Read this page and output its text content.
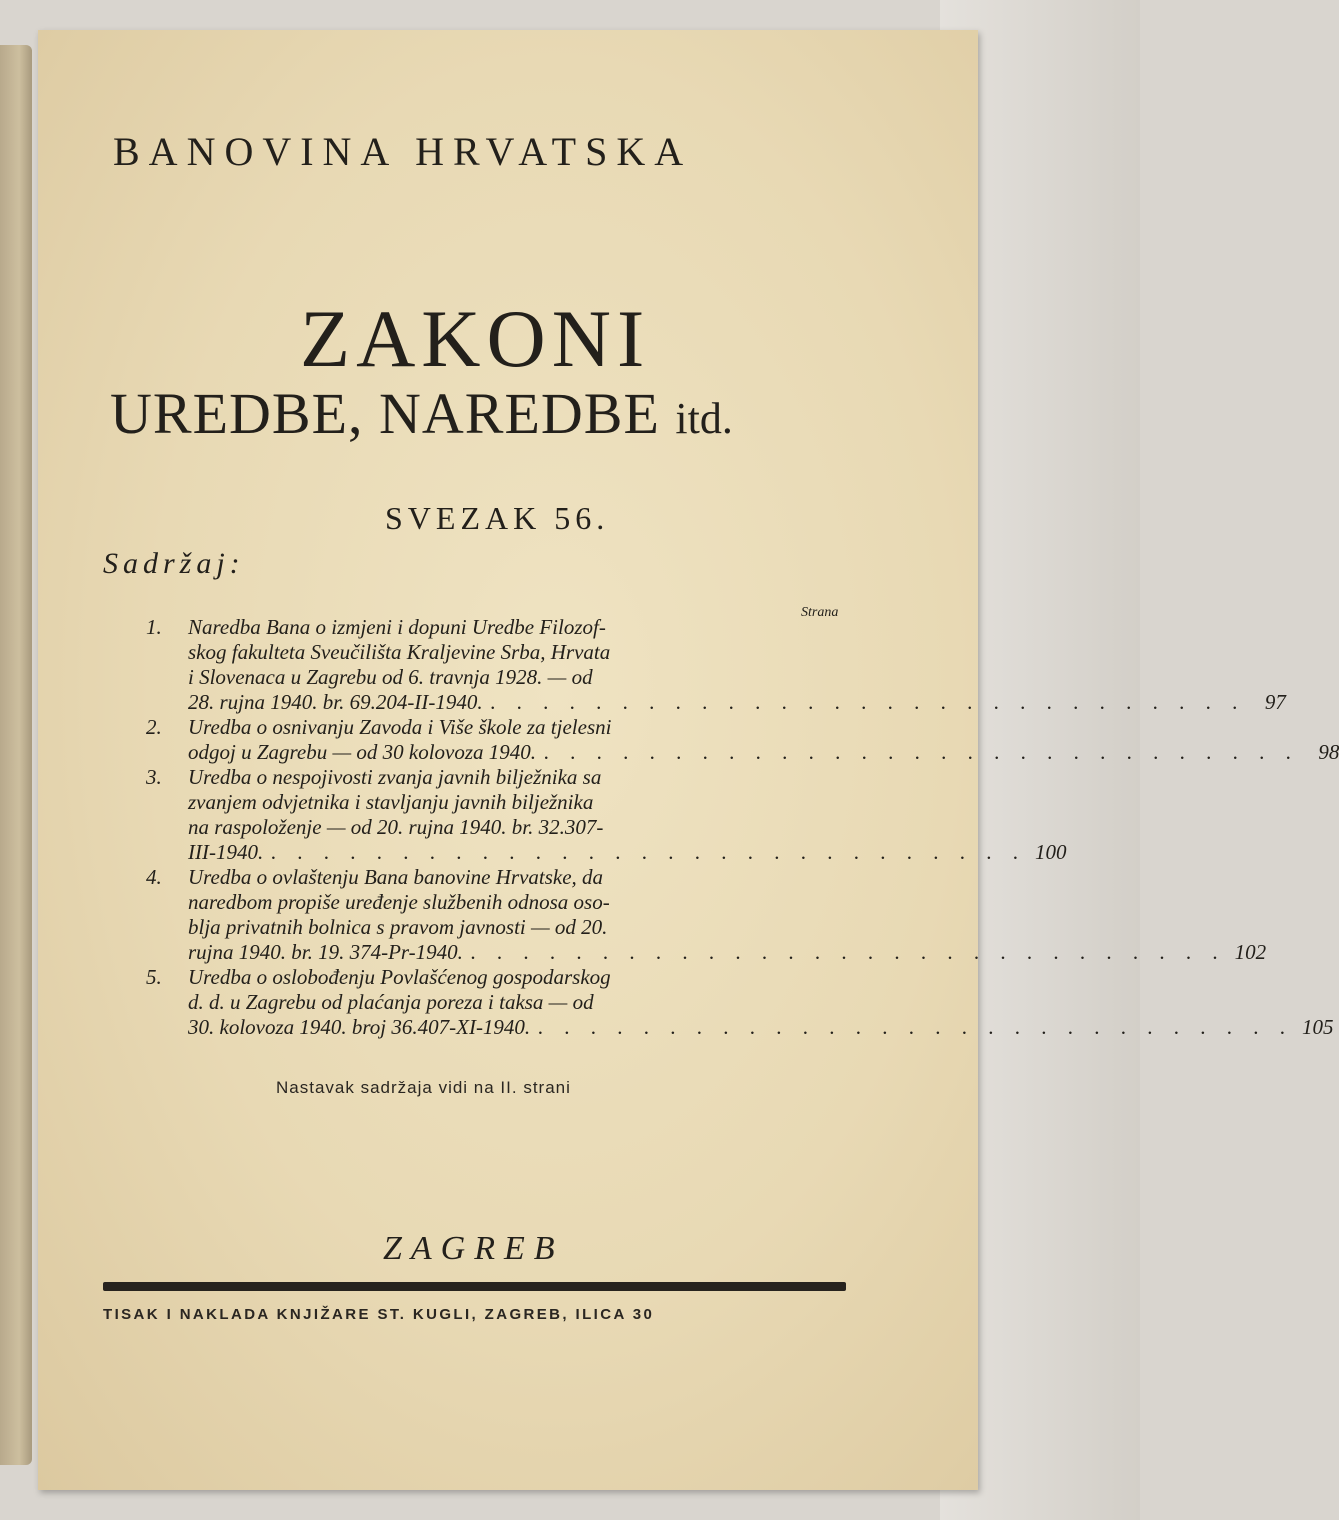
BANOVINA HRVATSKA
ZAKONI
UREDBE, NAREDBE itd.
SVEZAK 56.
Sadržaj:
Strana
1. Naredba Bana o izmjeni i dopuni Uredbe Filozof-
skog fakulteta Sveučilišta Kraljevine Srba, Hrvata
i Slovenaca u Zagrebu od 6. travnja 1928. — od
28. rujna 1940. br. 69.204-II-1940. . . . . . . . . . . . . . . . . . . . . . . . . . . . . . 97
2. Uredba o osnivanju Zavoda i Više škole za tjelesni
odgoj u Zagrebu — od 30 kolovoza 1940. . . . . . . . . . . . . . . . . . . . . . . . . . . . . . 98
3. Uredba o nespojivosti zvanja javnih bilježnika sa
zvanjem odvjetnika i stavljanju javnih bilježnika
na raspoloženje — od 20. rujna 1940. br. 32.307-
III-1940. . . . . . . . . . . . . . . . . . . . . . . . . . . . . . 100
4. Uredba o ovlaštenju Bana banovine Hrvatske, da
naredbom propiše uređenje službenih odnosa oso-
blja privatnih bolnica s pravom javnosti — od 20.
rujna 1940. br. 19. 374-Pr-1940. . . . . . . . . . . . . . . . . . . . . . . . . . . . . . 102
5. Uredba o oslobođenju Povlašćenog gospodarskog
d. d. u Zagrebu od plaćanja poreza i taksa — od
30. kolovoza 1940. broj 36.407-XI-1940. . . . . . . . . . . . . . . . . . . . . . . . . . . . . . 105
Nastavak sadržaja vidi na II. strani
ZAGREB
TISAK I NAKLADA KNJIŽARE ST. KUGLI, ZAGREB, ILICA 30
